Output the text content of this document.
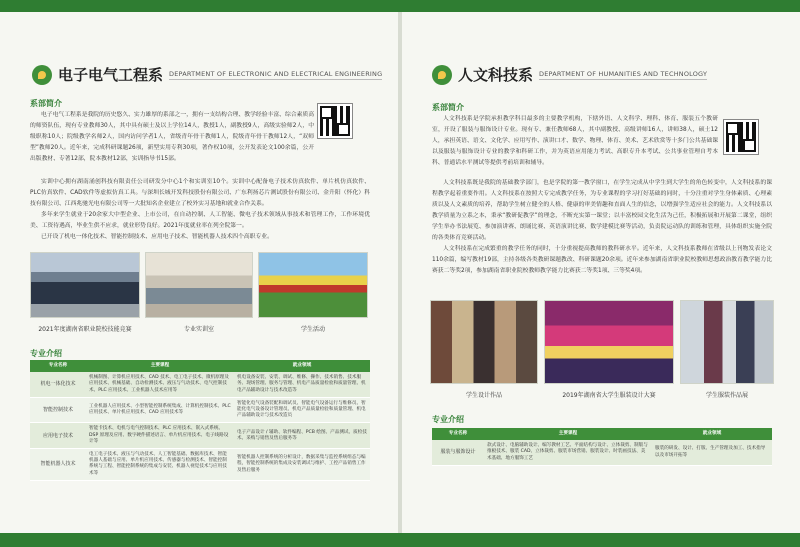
电子电气工程系 DEPARTMENT OF ELECTRONIC AND ELECTRICAL ENGINEERING
系部简介

电子电气工程系是我院的历史悠久、实力雄厚的系部之一，拥有一支结构合理、教学经验丰富、综合素质高的师资队伍，现有专业教师30人，其中具有硕士及以上学位14人，教授1人，副教授9人，高级实验师2人，中级职称10人；院级教学名师2人，国内访问学者1人，省级青年骨干教师1人，院级青年骨干教师12人，“双师型”教师20人。近年来，完成科研课题26项，新型实用专利30项，著作权10项，公开发表论文100余篇，公开出版教材、专著12部，院本教材12部，实训指导书15部。

实训中心拥有湖南涌创科技有限责任公司研发分中心1个和实训室10个。实训中心配备电子技术仿真软件、单片机仿真软件、PLC仿真软件、CAD软件等虚拟仿真工具。与深圳长城开发科技股份有限公司、广东利扬芯片测试股份有限公司、金升阳（怀化）科技有限公司、江西兆驰光电有限公司等一大批知名企业建立了校外实习基地和就业合作关系。

多年来学生就业于20余家大中型企业、上市公司，在自动控制、人工智能、微电子技术领域从事技术和管理工作，工作环境优美、工资待遇高，毕业生供不应求，就业形势良好。2021年度就业率在列全院第一。

已开设了机电一体化技术、智能控制技术、应用电子技术、智能机器人技术四个高职专业。

2021年度湖南省职业院校技能竞赛	专业实训室	学生活动
专业介绍
专业名称	主要课程	就业领域
机电一体化技术	机械制图、计算机应用技术、CAD 技术、电工电子技术、微机原理及应用技术、机械基础、自动检测技术、液压与气动技术、电气控制技术、PLC 应用技术、工业机器人技术应用等	机电设备安装、安装、调试、维修、操作、技术销售、技术服务、现场管理、服务与管理、机电产品质量检验和质量管理、机电产品辅助设计与技术改造等
智能控制技术	工业机器人应用技术、小型智能控制系统集成、计算机控制技术、PLC 应用技术、单片机应用技术、CAD 应用技术等	智能化电气设备装配和调试员、智能电气设备运行与维修员、智能化电气设备设计管理员、机电产品质量检验和质量管理、机电产品辅助设计与技术改造员
应用电子技术	智能卡技术、电机与电气控制技术、PLC 应用技术、嵌入式系统、DSP 原理及应用、数字硬件描述语言、单片机应用技术、电子线路设计等	电子产品设计 / 辅助、软件编程、PCB 绘图、产品测试、质检技术、采购与销售及售后服务等
智能机器人技术	电工电子技术、液压与气动技术、人工智能基础、数据库技术、智能机器人基础与应用、单片机应用技术、传感器与检测技术、智能控制系统与工程、智能控制系统的集成与安装、机器人视觉技术与应用技术等	智能机器人控制系统的分析设计，数据采集与监控系统组态与编程，智能控制系统的集成及安装调试与维护、工控产品销售工作及售后服务
人文科技系 DEPARTMENT OF HUMANITIES AND TECHNOLOGY
系部简介

人文科技系是学院承担教学科目最多的主要教学机构，下辖外语、人文科学、理科、体育、服装五个教研室，开设了服装与服饰设计专业。现有专、兼任教师68人，其中副教授、高级讲师16人，讲师38人，硕士12人，承担英语、语文、文化学、应用写作、演讲口才、数学、物理、体育、美术、艺术欣赏等十多门公共基础课以及服装与服饰设计专业的教学和科研工作，并为英语应用能力考试、高职专升本考试、公共事业管理自考本科、普通话水平测试等提供考前培训和辅导。

人文科技系既是我院的基础教学部门，也是学院的第一教学窗口，在学生完成从中学生到大学生的角色转变中，人文科技系的课程教学起着重要作用。人文科技系在按照大专完成教学任务，为专业课程的学习打好基础的同时，十分注重对学生身体素质、心理素质以及人文素质的培养，帮助学生树立健全的人格、健康的审美情趣和直面人生的信念，以增强学生适应社会的能力。人文科技系以教学质量为立系之本，秉承“教研促教学”的理念，不断充实第一课堂；以丰富校园文化生活为己任，积极拓展和开展第二课堂，组织学生举办书法展览、参加演讲赛、朗诵比赛、英语演讲比赛、数学建模比赛等活动，负责院运动队的训练和管理，具体组织实施全院的各类体育竞赛活动。

人文科技系在完成繁重的教学任务的同时，十分重视提高教师的教科研水平。近年来，人文科技系教师在省级以上刊物发表论文110余篇，编写教材19部，主持各级各类教研课题教改、科研课题20余项。近年来参加湖南省职业院校教师思想政治教育教学能力比赛获二等奖2项，参加湖南省职业院校教师教学能力比赛获二等奖1项、三等奖4项。

学生设计作品	2019年湖南省大学生服装设计大赛	学生服装作品展
专业介绍
专业名称	主要课程	就业领域
服装与服饰设计	款式设计、电脑辅助设计、编写教材工艺、平面结构与设计、立体裁剪、制版与推板技术、服装 CAD、立体裁剪、服装市场营销、服装设计、时装画技法、美术基础、地方服饰工艺	服装的研发、设计、打版、生产管理及加工、技术指导以及市场开拓等
